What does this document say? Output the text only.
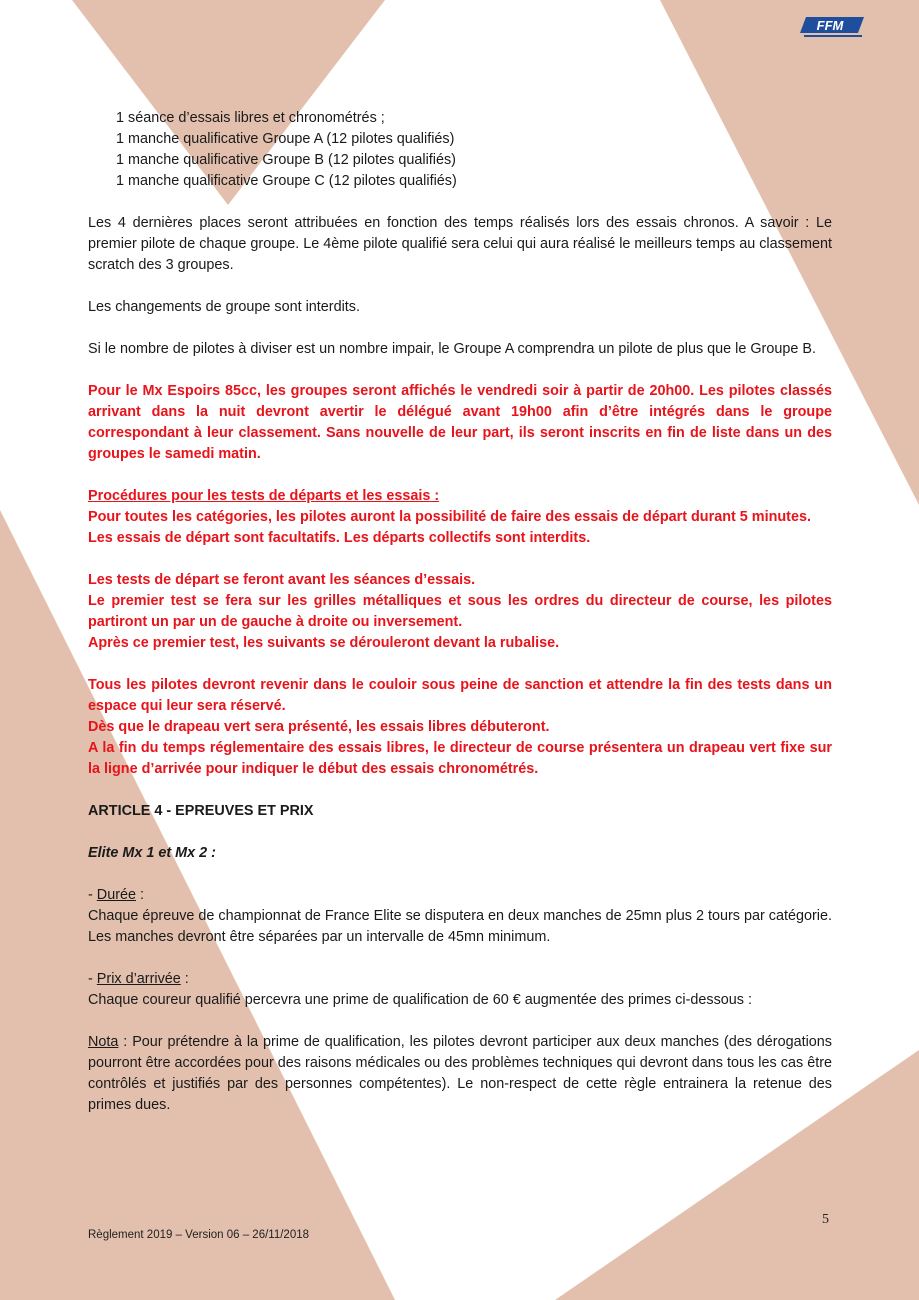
FFM

1 séance d’essais libres et chronométrés ;

1 manche qualificative Groupe A (12 pilotes qualifiés)

1 manche qualificative Groupe B (12 pilotes qualifiés)

1 manche qualificative Groupe C (12 pilotes qualifiés)

Les 4 dernières places seront attribuées en fonction des temps réalisés lors des essais chronos. A savoir : Le premier pilote de chaque groupe. Le 4ème pilote qualifié sera celui qui aura réalisé le meilleurs temps au classement scratch des 3 groupes.

Les changements de groupe sont interdits.

Si le nombre de pilotes à diviser est un nombre impair, le Groupe A comprendra un pilote de plus que le Groupe B.

Pour le Mx Espoirs 85cc, les groupes seront affichés le vendredi soir à partir de 20h00. Les pilotes classés arrivant dans la nuit devront avertir le délégué avant 19h00 afin d’être intégrés dans le groupe correspondant à leur classement. Sans nouvelle de leur part, ils seront inscrits en fin de liste dans un des groupes le samedi matin.

Procédures pour les tests de départs et les essais :

Pour toutes les catégories, les pilotes auront la possibilité de faire des essais de départ durant 5 minutes.

Les essais de départ sont facultatifs. Les départs collectifs sont interdits.

Les tests de départ se feront avant les séances d’essais.

Le premier test se fera sur les grilles métalliques et sous les ordres du directeur de course, les pilotes partiront un par un de gauche à droite ou inversement.

Après ce premier test, les suivants se dérouleront devant la rubalise.

Tous les pilotes devront revenir dans le couloir sous peine de sanction et attendre la fin des tests dans un espace qui leur sera réservé.

Dès que le drapeau vert sera présenté, les essais libres débuteront.

A la fin du temps réglementaire des essais libres, le directeur de course présentera un drapeau vert fixe sur la ligne d’arrivée pour indiquer le début des essais chronométrés.

ARTICLE 4 - EPREUVES ET PRIX

Elite Mx 1 et Mx 2 :

- Durée :

Chaque épreuve de championnat de France Elite se disputera en deux manches de 25mn plus 2 tours par catégorie.

Les manches devront être séparées par un intervalle de 45mn minimum.

- Prix d’arrivée :

Chaque coureur qualifié percevra une prime de qualification de 60 € augmentée des primes ci-dessous :

Nota : Pour prétendre à la prime de qualification, les pilotes devront participer aux deux manches (des dérogations pourront être accordées pour des raisons médicales ou des problèmes techniques qui devront dans tous les cas être contrôlés et justifiés par des personnes compétentes). Le non-respect de cette règle entrainera la retenue des primes dues.

5
Règlement 2019 – Version 06 – 26/11/2018
